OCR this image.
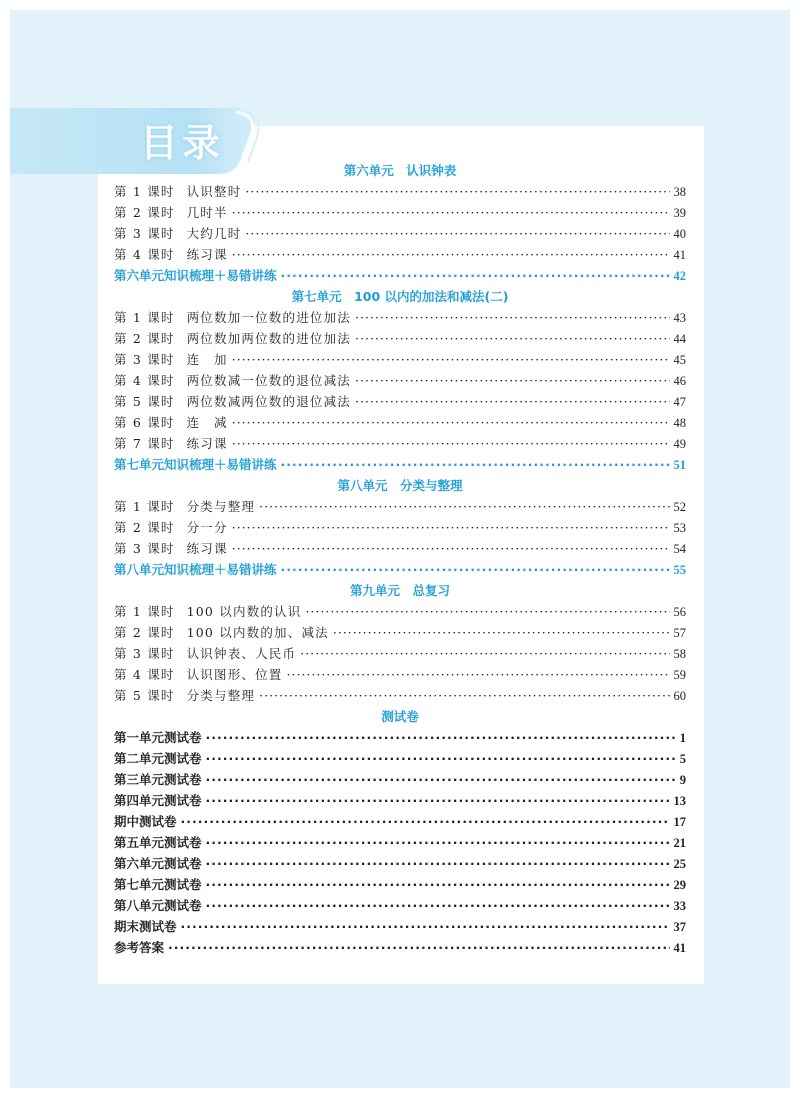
目录
第六单元　认识钟表
第 1 课时 认识整时 ·····	38
第 2 课时 几时半 ·····	39
第 3 课时 大约几时 ·····	40
第 4 课时 练习课 ·····	41
第六单元知识梳理＋易错讲练 ·····	42
第七单元　100 以内的加法和减法(二)
第 1 课时 两位数加一位数的进位加法 ·····	43
第 2 课时 两位数加两位数的进位加法 ·····	44
第 3 课时 连　加 ·····	45
第 4 课时 两位数减一位数的退位减法 ·····	46
第 5 课时 两位数减两位数的退位减法 ·····	47
第 6 课时 连　减 ·····	48
第 7 课时 练习课 ·····	49
第七单元知识梳理＋易错讲练 ·····	51
第八单元　分类与整理
第 1 课时 分类与整理 ·····	52
第 2 课时 分一分 ·····	53
第 3 课时 练习课 ·····	54
第八单元知识梳理＋易错讲练 ·····	55
第九单元　总复习
第 1 课时 100 以内数的认识 ·····	56
第 2 课时 100 以内数的加、减法 ·····	57
第 3 课时 认识钟表、人民币 ·····	58
第 4 课时 认识图形、位置 ·····	59
第 5 课时 分类与整理 ·····	60
测试卷
第一单元测试卷 ·····	1
第二单元测试卷 ·····	5
第三单元测试卷 ·····	9
第四单元测试卷 ·····	13
期中测试卷 ·····	17
第五单元测试卷 ·····	21
第六单元测试卷 ·····	25
第七单元测试卷 ·····	29
第八单元测试卷 ·····	33
期末测试卷 ·····	37
参考答案 ·····	41
